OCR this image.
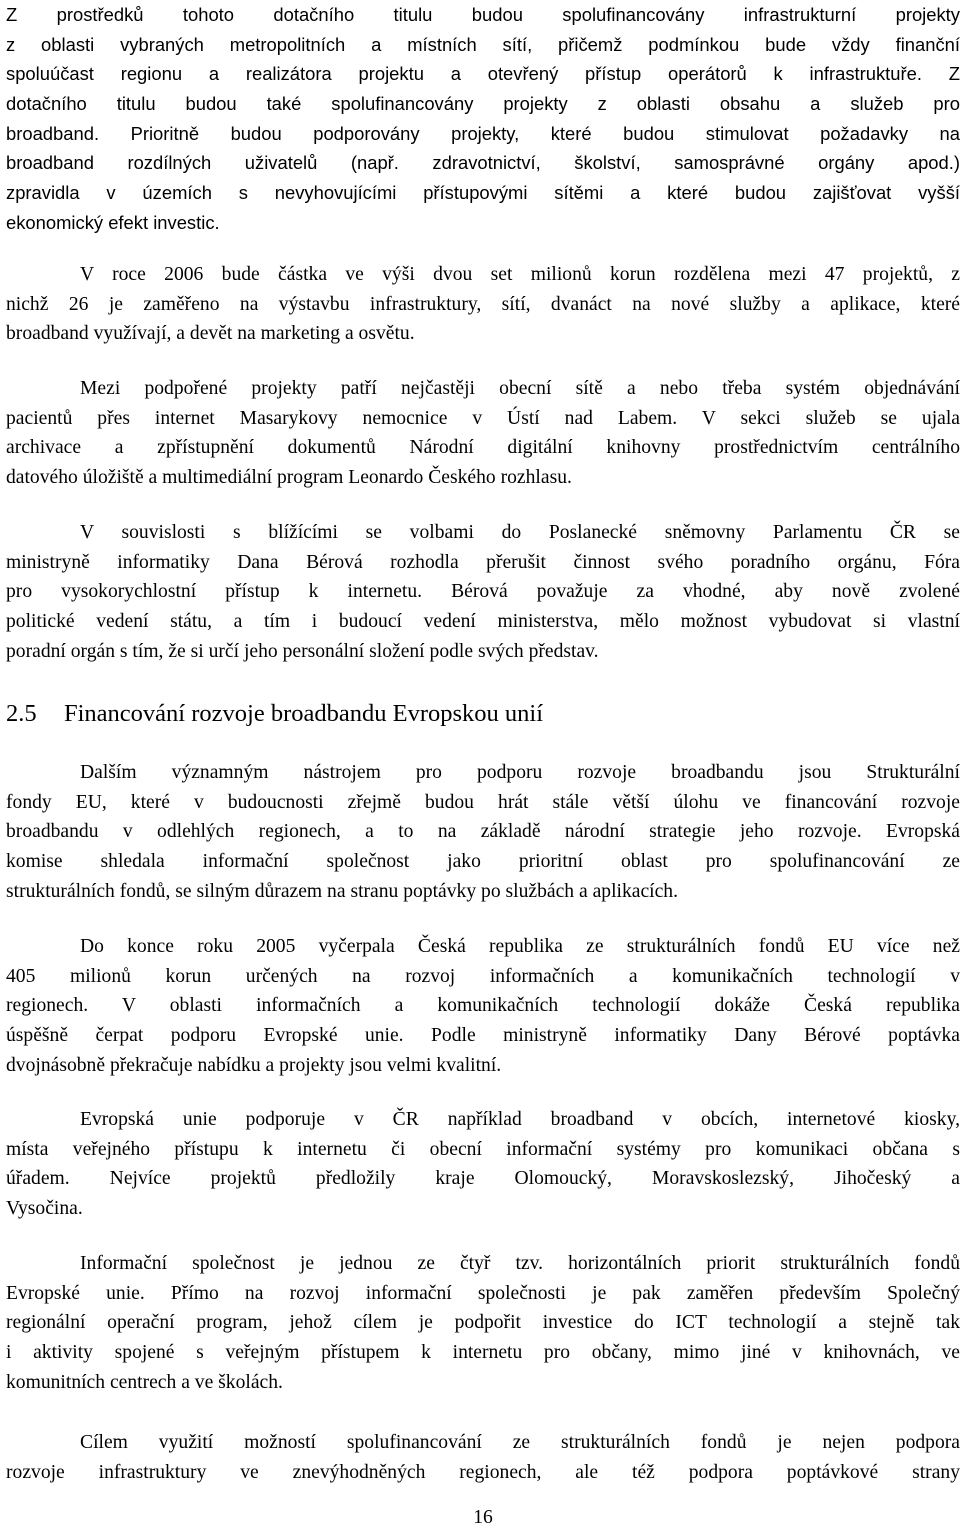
Z prostředků tohoto dotačního titulu budou spolufinancovány infrastrukturní projekty
z oblasti vybraných metropolitních a místních sítí, přičemž podmínkou bude vždy finanční
spoluúčast regionu a realizátora projektu a otevřený přístup operátorů k infrastruktuře. Z
dotačního titulu budou také spolufinancovány projekty z oblasti obsahu a služeb pro
broadband. Prioritně budou podporovány projekty, které budou stimulovat požadavky na
broadband rozdílných uživatelů (např. zdravotnictví, školství, samosprávné orgány apod.)
zpravidla v územích s nevyhovujícími přístupovými sítěmi a které budou zajišťovat vyšší
ekonomický efekt investic.

V roce 2006 bude částka ve výši dvou set milionů korun rozdělena mezi 47 projektů, z
nichž 26 je zaměřeno na výstavbu infrastruktury, sítí, dvanáct na nové služby a aplikace, které
broadband využívají, a devět na marketing a osvětu.

Mezi podpořené projekty patří nejčastěji obecní sítě a nebo třeba systém objednávání
pacientů přes internet Masarykovy nemocnice v Ústí nad Labem. V sekci služeb se ujala
archivace a zpřístupnění dokumentů Národní digitální knihovny prostřednictvím centrálního
datového úložiště a multimediální program Leonardo Českého rozhlasu.

V souvislosti s blížícími se volbami do Poslanecké sněmovny Parlamentu ČR se
ministryně informatiky Dana Bérová rozhodla přerušit činnost svého poradního orgánu, Fóra
pro vysokorychlostní přístup k internetu. Bérová považuje za vhodné, aby nově zvolené
politické vedení státu, a tím i budoucí vedení ministerstva, mělo možnost vybudovat si vlastní
poradní orgán s tím, že si určí jeho personální složení podle svých představ.

2.5 Financování rozvoje broadbandu Evropskou unií

Dalším významným nástrojem pro podporu rozvoje broadbandu jsou Strukturální
fondy EU, které v budoucnosti zřejmě budou hrát stále větší úlohu ve financování rozvoje
broadbandu v odlehlých regionech, a to na základě národní strategie jeho rozvoje. Evropská
komise shledala informační společnost jako prioritní oblast pro spolufinancování ze
strukturálních fondů, se silným důrazem na stranu poptávky po službách a aplikacích.

Do konce roku 2005 vyčerpala Česká republika ze strukturálních fondů EU více než
405 milionů korun určených na rozvoj informačních a komunikačních technologií v
regionech. V oblasti informačních a komunikačních technologií dokáže Česká republika
úspěšně čerpat podporu Evropské unie. Podle ministryně informatiky Dany Bérové poptávka
dvojnásobně překračuje nabídku a projekty jsou velmi kvalitní.

Evropská unie podporuje v ČR například broadband v obcích, internetové kiosky,
místa veřejného přístupu k internetu či obecní informační systémy pro komunikaci občana s
úřadem. Nejvíce projektů předložily kraje Olomoucký, Moravskoslezský, Jihočeský a
Vysočina.

Informační společnost je jednou ze čtyř tzv. horizontálních priorit strukturálních fondů
Evropské unie. Přímo na rozvoj informační společnosti je pak zaměřen především Společný
regionální operační program, jehož cílem je podpořit investice do ICT technologií a stejně tak
i aktivity spojené s veřejným přístupem k internetu pro občany, mimo jiné v knihovnách, ve
komunitních centrech a ve školách.

Cílem využití možností spolufinancování ze strukturálních fondů je nejen podpora
rozvoje infrastruktury ve znevýhodněných regionech, ale též podpora poptávkové strany

16
